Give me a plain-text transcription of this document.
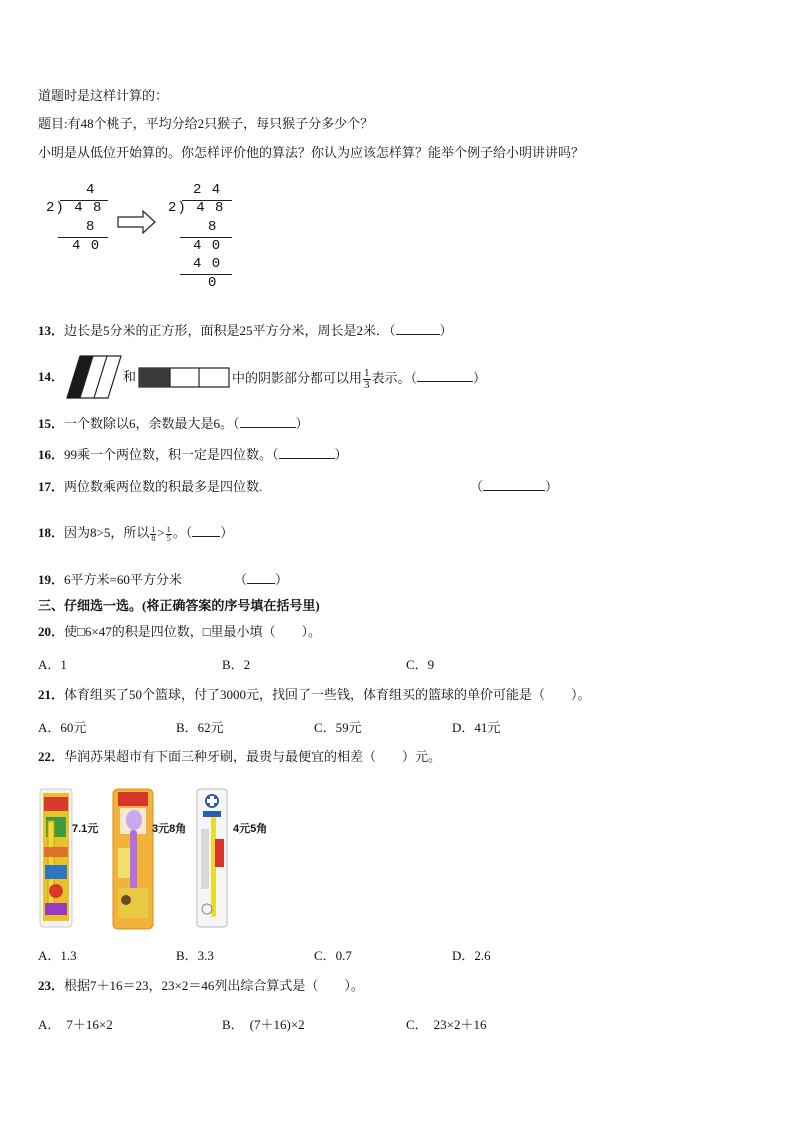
道题时是这样计算的：
题目:有48个桃子，平均分给2只猴子，每只猴子分多少个？
小明是从低位开始算的。你怎样评价他的算法？你认为应该怎样算？能举个例子给小明讲讲吗？
4
2) 4 8
8
4 0
2 4
2) 4 8
8
4 0
4 0
0
13．边长是5分米的正方形，面积是25平方分米，周长是2米．（	）
14．	和	中的阴影部分都可以用 $\frac{1}{3}$ 表示。（	）
15．一个数除以6，余数最大是6。（	）
16．99乘一个两位数，积一定是四位数。（	）
17．两位数乘两位数的积最多是四位数.	（	）
18．因为8>5，所以 $\frac{1}{8} > \frac{1}{5}$ 。（ ）
19．6平方米=60平方分米	（ ）
三、仔细选一选。(将正确答案的序号填在括号里)
20．使□6×47的积是四位数，□里最小填（　　）。
A．1	B．2	C．9
21．体育组买了50个篮球，付了3000元，找回了一些钱，体育组买的篮球的单价可能是（　　）。
A．60元	B．62元	C．59元	D．41元
22．华润苏果超市有下面三种牙刷，最贵与最便宜的相差（　　）元。
7.1元	3元8角	4元5角
A．1.3	B．3.3	C．0.7	D．2.6
23．根据7＋16＝23，23×2＝46列出综合算式是（　　）。
A． 7＋16×2	B． (7＋16)×2	C． 23×2＋16
